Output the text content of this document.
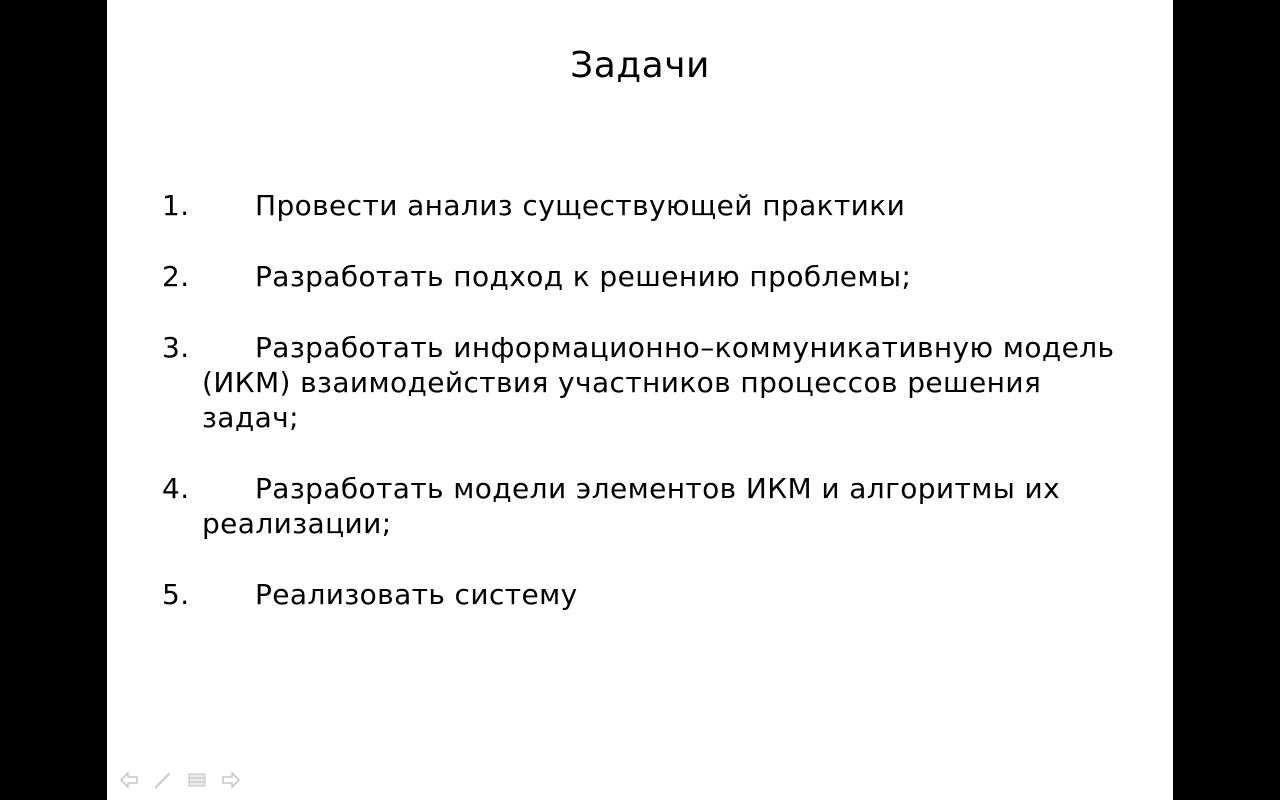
Задачи
1.	Провести анализ существующей практики
2.	Разработать подход к решению проблемы;
3.	Разработать информационно–коммуникативную модель (ИКМ) взаимодействия участников процессов решения задач;
4.	Разработать модели элементов ИКМ и алгоритмы их реализации;
5.	Реализовать систему
